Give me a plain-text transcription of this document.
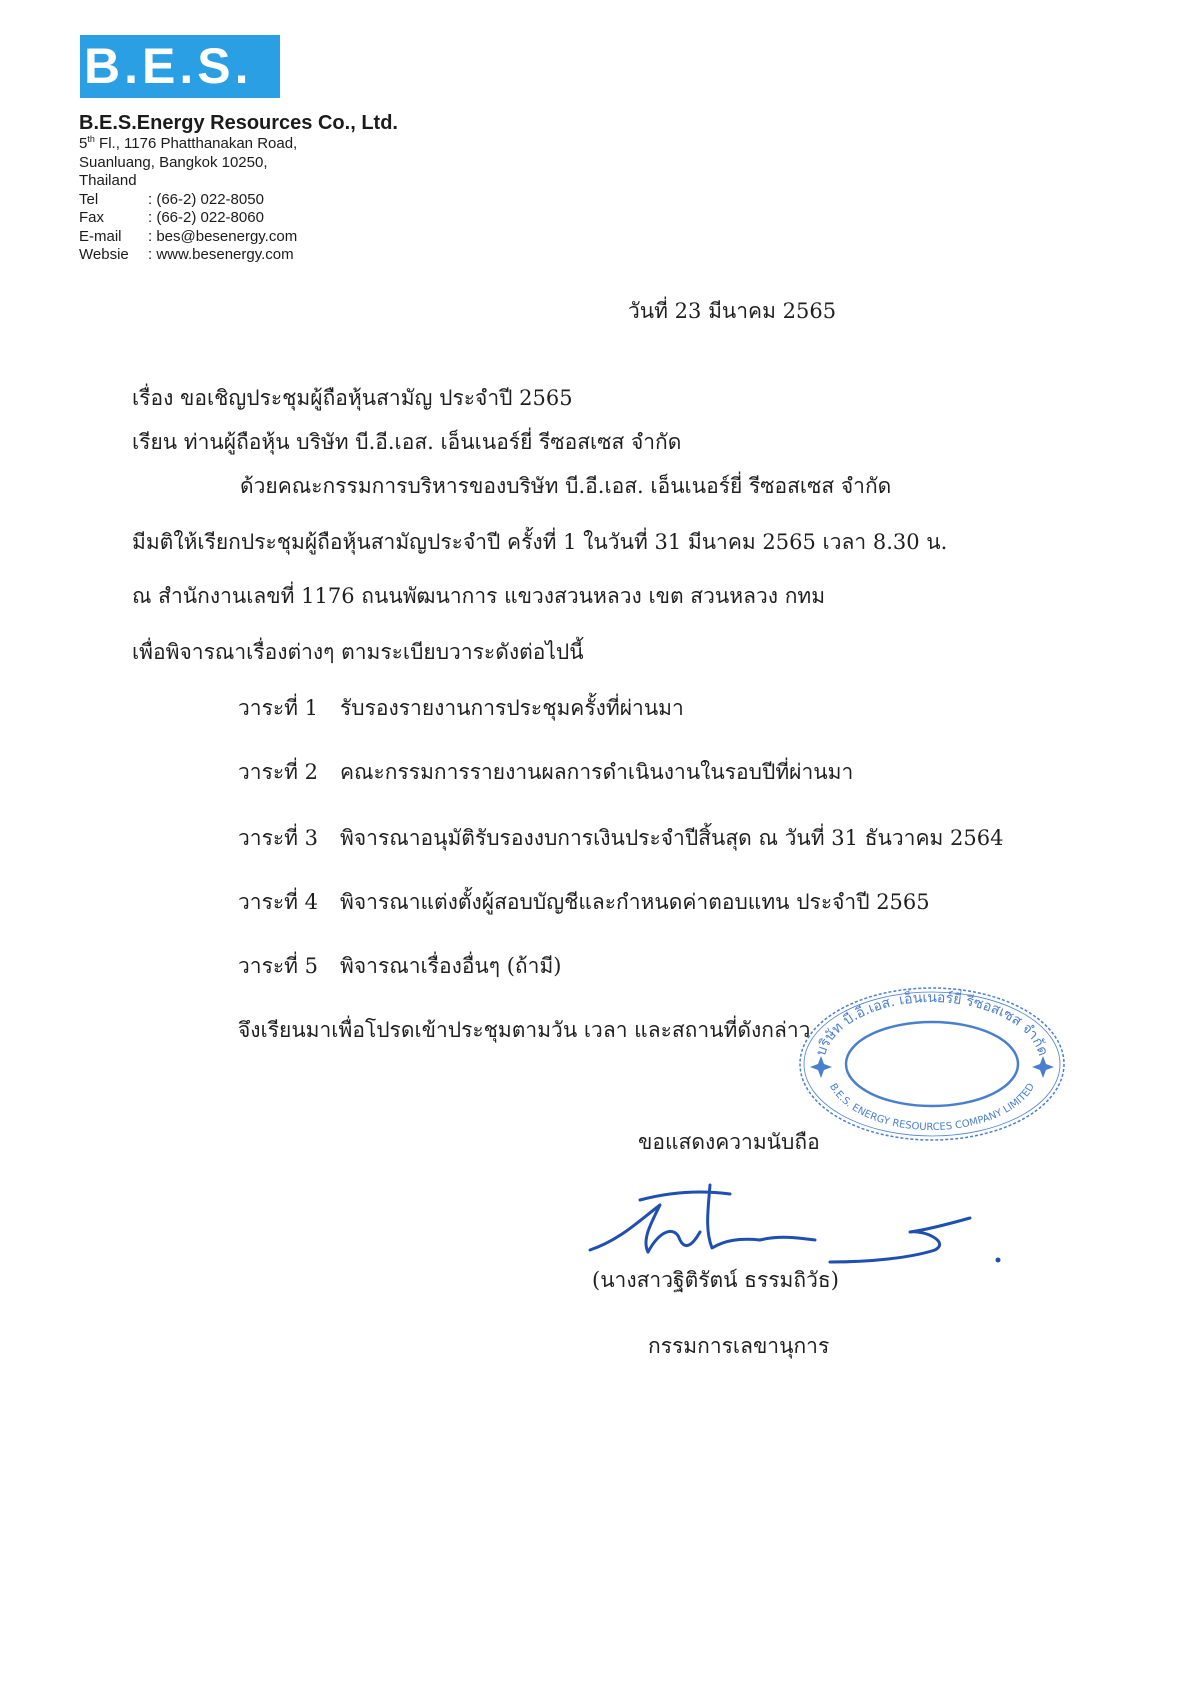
B.E.S.
B.E.S.Energy Resources Co., Ltd.
5th Fl., 1176 Phatthanakan Road,
Suanluang, Bangkok 10250,
Thailand
Tel	: (66-2) 022-8050
Fax	: (66-2) 022-8060
E-mail : bes@besenergy.com
Websie : www.besenergy.com
วันที่ 23 มีนาคม 2565
เรื่อง ขอเชิญประชุมผู้ถือหุ้นสามัญ ประจำปี 2565
เรียน ท่านผู้ถือหุ้น บริษัท บี.อี.เอส. เอ็นเนอร์ยี่ รีซอสเซส จำกัด
ด้วยคณะกรรมการบริหารของบริษัท บี.อี.เอส. เอ็นเนอร์ยี่ รีซอสเซส จำกัด
มีมติให้เรียกประชุมผู้ถือหุ้นสามัญประจำปี ครั้งที่ 1 ในวันที่ 31 มีนาคม 2565 เวลา 8.30 น.
ณ สำนักงานเลขที่ 1176 ถนนพัฒนาการ แขวงสวนหลวง เขต สวนหลวง กทม
เพื่อพิจารณาเรื่องต่างๆ ตามระเบียบวาระดังต่อไปนี้
วาระที่ 1 รับรองรายงานการประชุมครั้งที่ผ่านมา
วาระที่ 2 คณะกรรมการรายงานผลการดำเนินงานในรอบปีที่ผ่านมา
วาระที่ 3 พิจารณาอนุมัติรับรองงบการเงินประจำปีสิ้นสุด ณ วันที่ 31 ธันวาคม 2564
วาระที่ 4 พิจารณาแต่งตั้งผู้สอบบัญชีและกำหนดค่าตอบแทน ประจำปี 2565
วาระที่ 5 พิจารณาเรื่องอื่นๆ (ถ้ามี)
จึงเรียนมาเพื่อโปรดเข้าประชุมตามวัน เวลา และสถานที่ดังกล่าว
บริษัท บี.อี.เอส. เอ็นเนอร์ยี่ รีซอสเซส จำกัด
B.E.S. ENERGY RESOURCES COMPANY LIMITED
ขอแสดงความนับถือ
(นางสาวฐิติรัตน์ ธรรมถิวัธ)
กรรมการเลขานุการ
